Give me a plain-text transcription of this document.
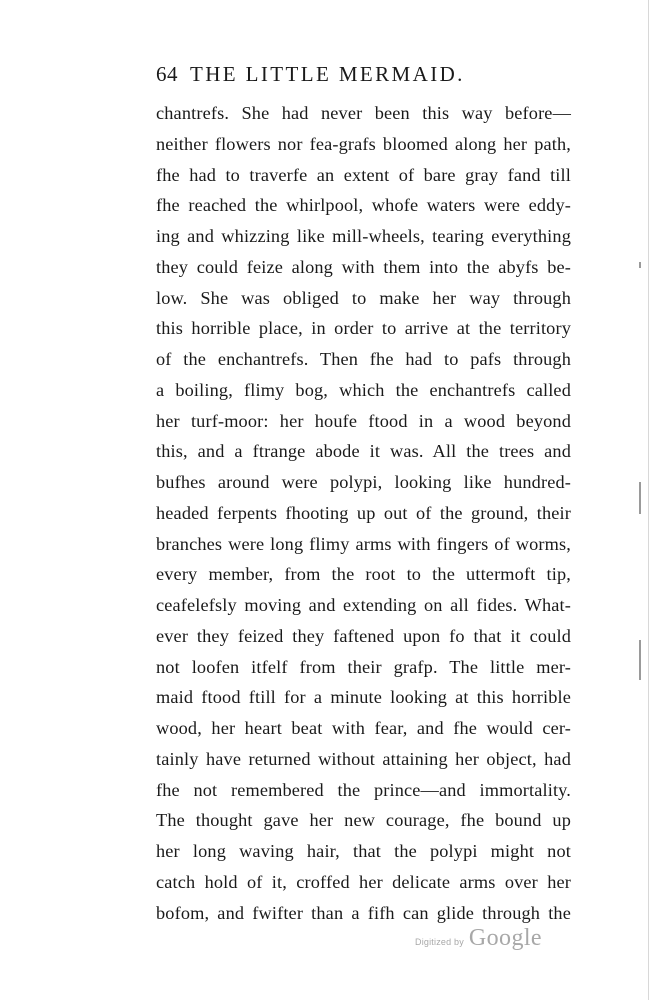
64 THE LITTLE MERMAID.
chantrefs. She had never been this way before—
neither flowers nor fea-grafs bloomed along her path,
fhe had to traverfe an extent of bare gray fand till
fhe reached the whirlpool, whofe waters were eddy-
ing and whizzing like mill-wheels, tearing everything
they could feize along with them into the abyfs be-
low. She was obliged to make her way through
this horrible place, in order to arrive at the territory
of the enchantrefs. Then fhe had to pafs through
a boiling, flimy bog, which the enchantrefs called
her turf-moor: her houfe ftood in a wood beyond
this, and a ftrange abode it was. All the trees and
bufhes around were polypi, looking like hundred-
headed ferpents fhooting up out of the ground, their
branches were long flimy arms with fingers of worms,
every member, from the root to the uttermoft tip,
ceafelefsly moving and extending on all fides. What-
ever they feized they faftened upon fo that it could
not loofen itfelf from their grafp. The little mer-
maid ftood ftill for a minute looking at this horrible
wood, her heart beat with fear, and fhe would cer-
tainly have returned without attaining her object, had
fhe not remembered the prince—and immortality.
The thought gave her new courage, fhe bound up
her long waving hair, that the polypi might not
catch hold of it, croffed her delicate arms over her
bofom, and fwifter than a fifh can glide through the
Digitized by Google
